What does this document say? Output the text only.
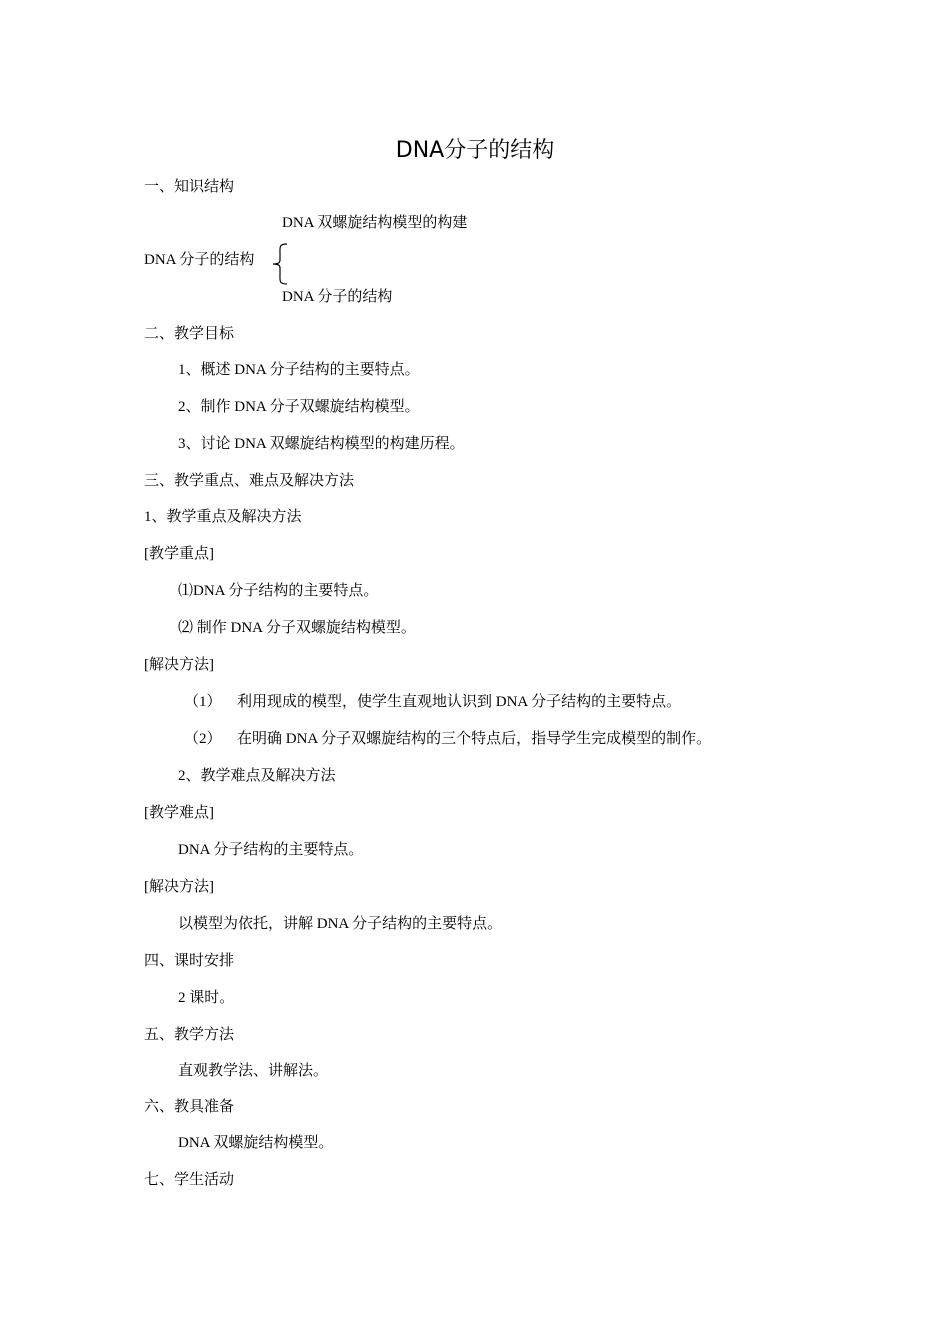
DNA分子的结构
一、知识结构
DNA 双螺旋结构模型的构建
DNA 分子的结构
DNA 分子的结构
二、教学目标
1、概述 DNA 分子结构的主要特点。
2、制作 DNA 分子双螺旋结构模型。
3、讨论 DNA 双螺旋结构模型的构建历程。
三、教学重点、难点及解决方法
1、教学重点及解决方法
[教学重点]
⑴DNA 分子结构的主要特点。
⑵ 制作 DNA 分子双螺旋结构模型。
[解决方法]
（1） 利用现成的模型，使学生直观地认识到 DNA 分子结构的主要特点。
（2） 在明确 DNA 分子双螺旋结构的三个特点后，指导学生完成模型的制作。
2、教学难点及解决方法
[教学难点]
DNA 分子结构的主要特点。
[解决方法]
以模型为依托，讲解 DNA 分子结构的主要特点。
四、课时安排
2 课时。
五、教学方法
直观教学法、讲解法。
六、教具准备
DNA 双螺旋结构模型。
七、学生活动
